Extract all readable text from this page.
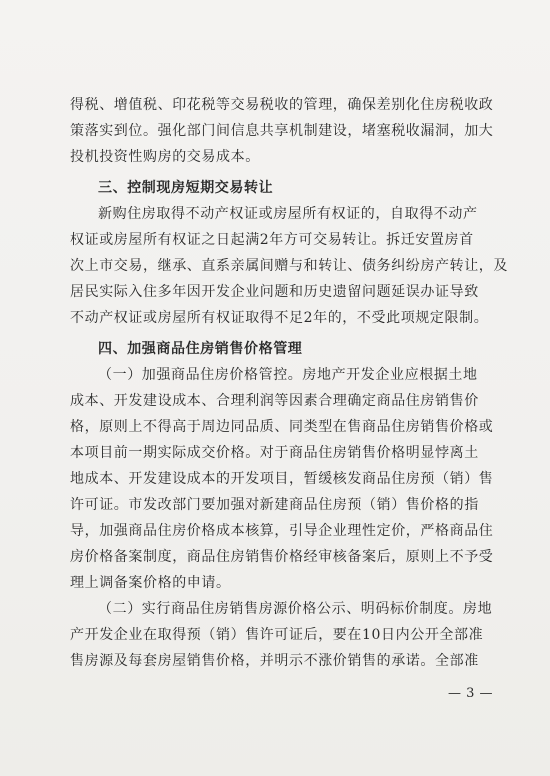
得税、增值税、印花税等交易税收的管理，确保差别化住房税收政
策落实到位。强化部门间信息共享机制建设，堵塞税收漏洞，加大
投机投资性购房的交易成本。
三、控制现房短期交易转让
新购住房取得不动产权证或房屋所有权证的，自取得不动产
权证或房屋所有权证之日起满2年方可交易转让。拆迁安置房首
次上市交易，继承、直系亲属间赠与和转让、债务纠纷房产转让，及
居民实际入住多年因开发企业问题和历史遗留问题延误办证导致
不动产权证或房屋所有权证取得不足2年的，不受此项规定限制。
四、加强商品住房销售价格管理
（一）加强商品住房价格管控。房地产开发企业应根据土地
成本、开发建设成本、合理利润等因素合理确定商品住房销售价
格，原则上不得高于周边同品质、同类型在售商品住房销售价格或
本项目前一期实际成交价格。对于商品住房销售价格明显悖离土
地成本、开发建设成本的开发项目，暂缓核发商品住房预（销）售
许可证。市发改部门要加强对新建商品住房预（销）售价格的指
导，加强商品住房价格成本核算，引导企业理性定价，严格商品住
房价格备案制度，商品住房销售价格经审核备案后，原则上不予受
理上调备案价格的申请。
（二）实行商品住房销售房源价格公示、明码标价制度。房地
产开发企业在取得预（销）售许可证后，要在10日内公开全部准
售房源及每套房屋销售价格，并明示不涨价销售的承诺。全部准
— 3 —
